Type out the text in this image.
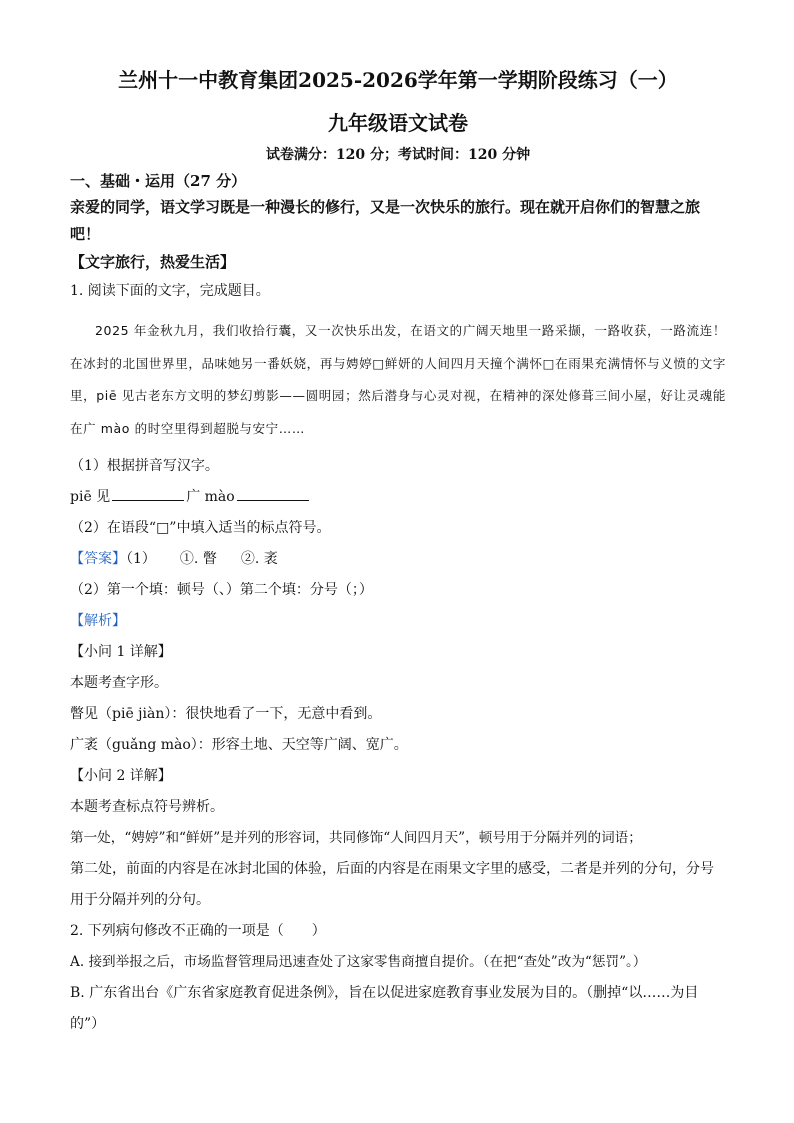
兰州十一中教育集团2025-2026学年第一学期阶段练习（一）
九年级语文试卷
试卷满分：120 分；考试时间：120 分钟
一、基础・运用（27 分）
亲爱的同学，语文学习既是一种漫长的修行，又是一次快乐的旅行。现在就开启你们的智慧之旅吧！
【文字旅行，热爱生活】
1. 阅读下面的文字，完成题目。
2025 年金秋九月，我们收拾行囊，又一次快乐出发，在语文的广阔天地里一路采撷，一路收获，一路流连！在冰封的北国世界里，品味她另一番妖娆，再与娉婷□鲜妍的人间四月天撞个满怀□在雨果充满情怀与义愤的文字里，piē 见古老东方文明的梦幻剪影——圆明园；然后潜身与心灵对视，在精神的深处修葺三间小屋，好让灵魂能在广 mào 的时空里得到超脱与安宁……
（1）根据拼音写汉字。
piē 见	广 mào
（2）在语段“□”中填入适当的标点符号。
【答案】（1） ①. 瞥 ②. 袤
（2）第一个填：顿号（、）第二个填：分号（；）
【解析】
【小问 1 详解】
本题考查字形。
瞥见（piē jiàn）：很快地看了一下，无意中看到。
广袤（guǎng mào）：形容土地、天空等广阔、宽广。
【小问 2 详解】
本题考查标点符号辨析。
第一处，“娉婷”和“鲜妍”是并列的形容词，共同修饰“人间四月天”，顿号用于分隔并列的词语；
第二处，前面的内容是在冰封北国的体验，后面的内容是在雨果文字里的感受，二者是并列的分句，分号用于分隔并列的分句。
2. 下列病句修改不正确的一项是（　　）
A. 接到举报之后，市场监督管理局迅速查处了这家零售商擅自提价。（在把“查处”改为“惩罚”。）
B. 广东省出台《广东省家庭教育促进条例》，旨在以促进家庭教育事业发展为目的。（删掉“以……为目的”）
